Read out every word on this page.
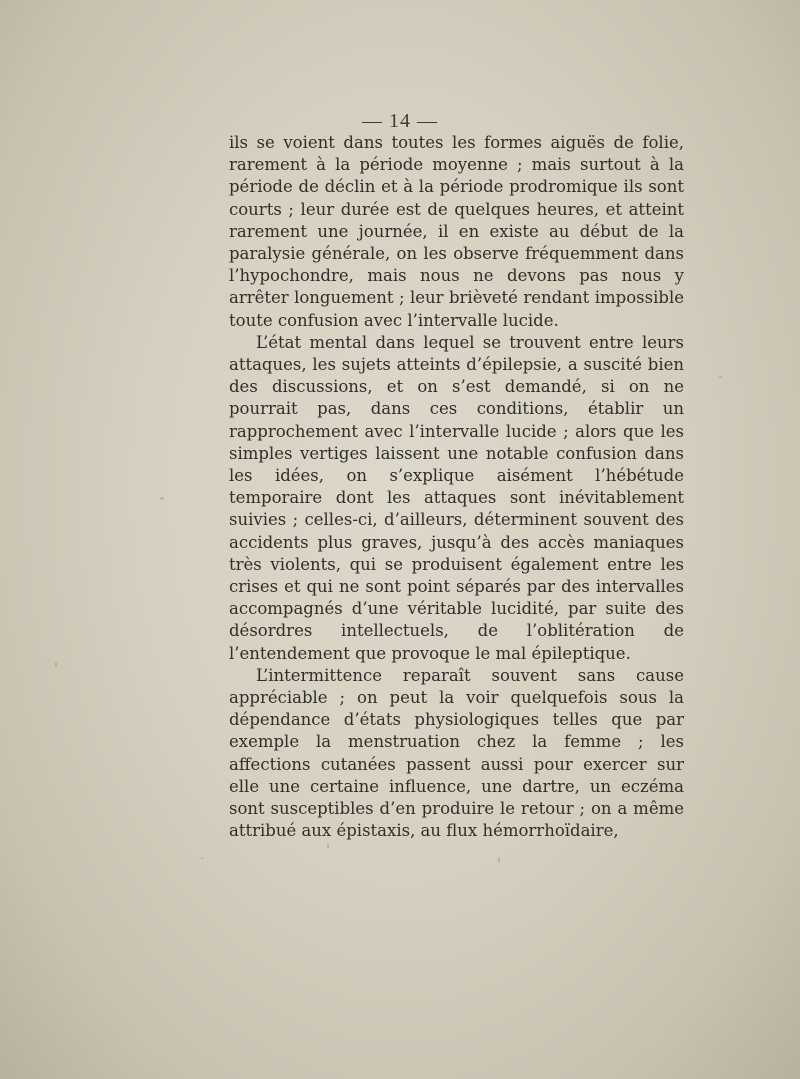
— 14 —

ils se voient dans toutes les formes aiguës de folie, rarement à la période moyenne ; mais surtout à la période de déclin et à la période prodromique ils sont courts ; leur durée est de quelques heures, et atteint rarement une journée, il en existe au début de la paralysie générale, on les observe fréquemment dans l’hypochondre, mais nous ne devons pas nous y arrêter longuement ; leur brièveté rendant impossible toute confusion avec l’intervalle lucide.

L’état mental dans lequel se trouvent entre leurs attaques, les sujets atteints d’épilepsie, a suscité bien des discussions, et on s’est demandé, si on ne pourrait pas, dans ces conditions, établir un rapprochement avec l’intervalle lucide ; alors que les simples vertiges laissent une notable confusion dans les idées, on s’explique aisément l’hébétude temporaire dont les attaques sont inévitablement suivies ; celles-ci, d’ailleurs, déterminent souvent des accidents plus graves, jusqu’à des accès maniaques très violents, qui se produisent également entre les crises et qui ne sont point séparés par des intervalles accompagnés d’une véritable lucidité, par suite des désordres intellectuels, de l’oblitération de l’entendement que provoque le mal épileptique.

L’intermittence reparaît souvent sans cause appréciable ; on peut la voir quelquefois sous la dépendance d’états physiologiques telles que par exemple la menstruation chez la femme ; les affections cutanées passent aussi pour exercer sur elle une certaine influence, une dartre, un eczéma sont susceptibles d’en produire le retour ; on a même attribué aux épistaxis, au flux hémorrhoïdaire,
